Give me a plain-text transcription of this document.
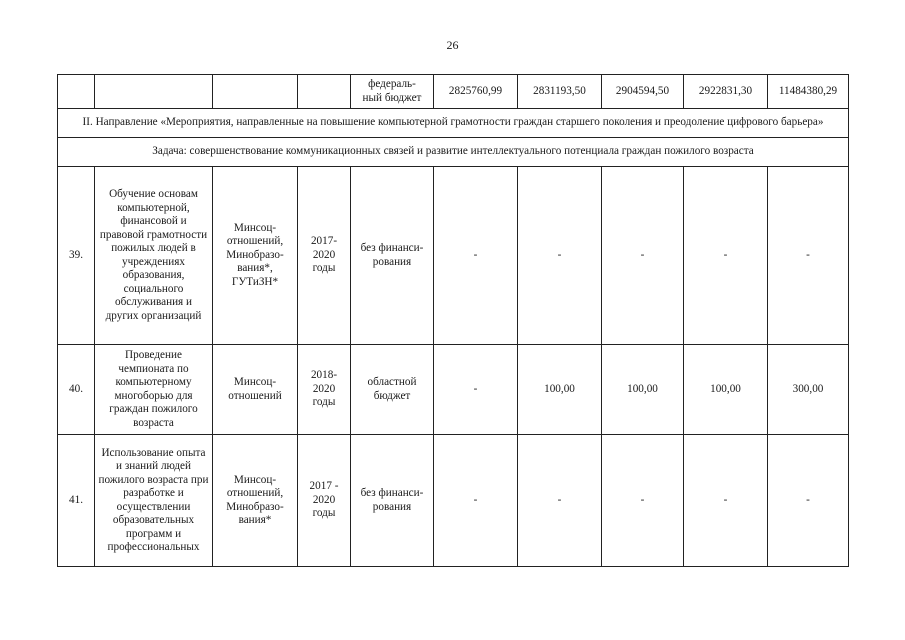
26
				федераль-
ный бюджет	2825760,99	2831193,50	2904594,50	2922831,30	11484380,29
II. Направление «Мероприятия, направленные на повышение компьютерной грамотности граждан старшего поколения и преодоление цифрового барьера»									
Задача: совершенствование коммуникационных связей и развитие интеллектуального потенциала граждан пожилого возраста									
39.	Обучение основам компьютерной, финансовой и правовой грамотности пожилых людей в учреждениях образования, социального обслуживания и других организаций	Минсоц-отношений, Минобразо-вания*, ГУТиЗН*	2017-2020 годы	без финанси-рования	-	-	-	-	-
40.	Проведение чемпионата по компьютерному многоборью для граждан пожилого возраста	Минсоц-отношений	2018-2020 годы	областной бюджет	-	100,00	100,00	100,00	300,00
41.	Использование опыта и знаний людей пожилого возраста при разработке и осуществлении образовательных программ и профессиональных	Минсоц-отношений, Минобразо-вания*	2017 - 2020 годы	без финанси-рования	-	-	-	-	-
